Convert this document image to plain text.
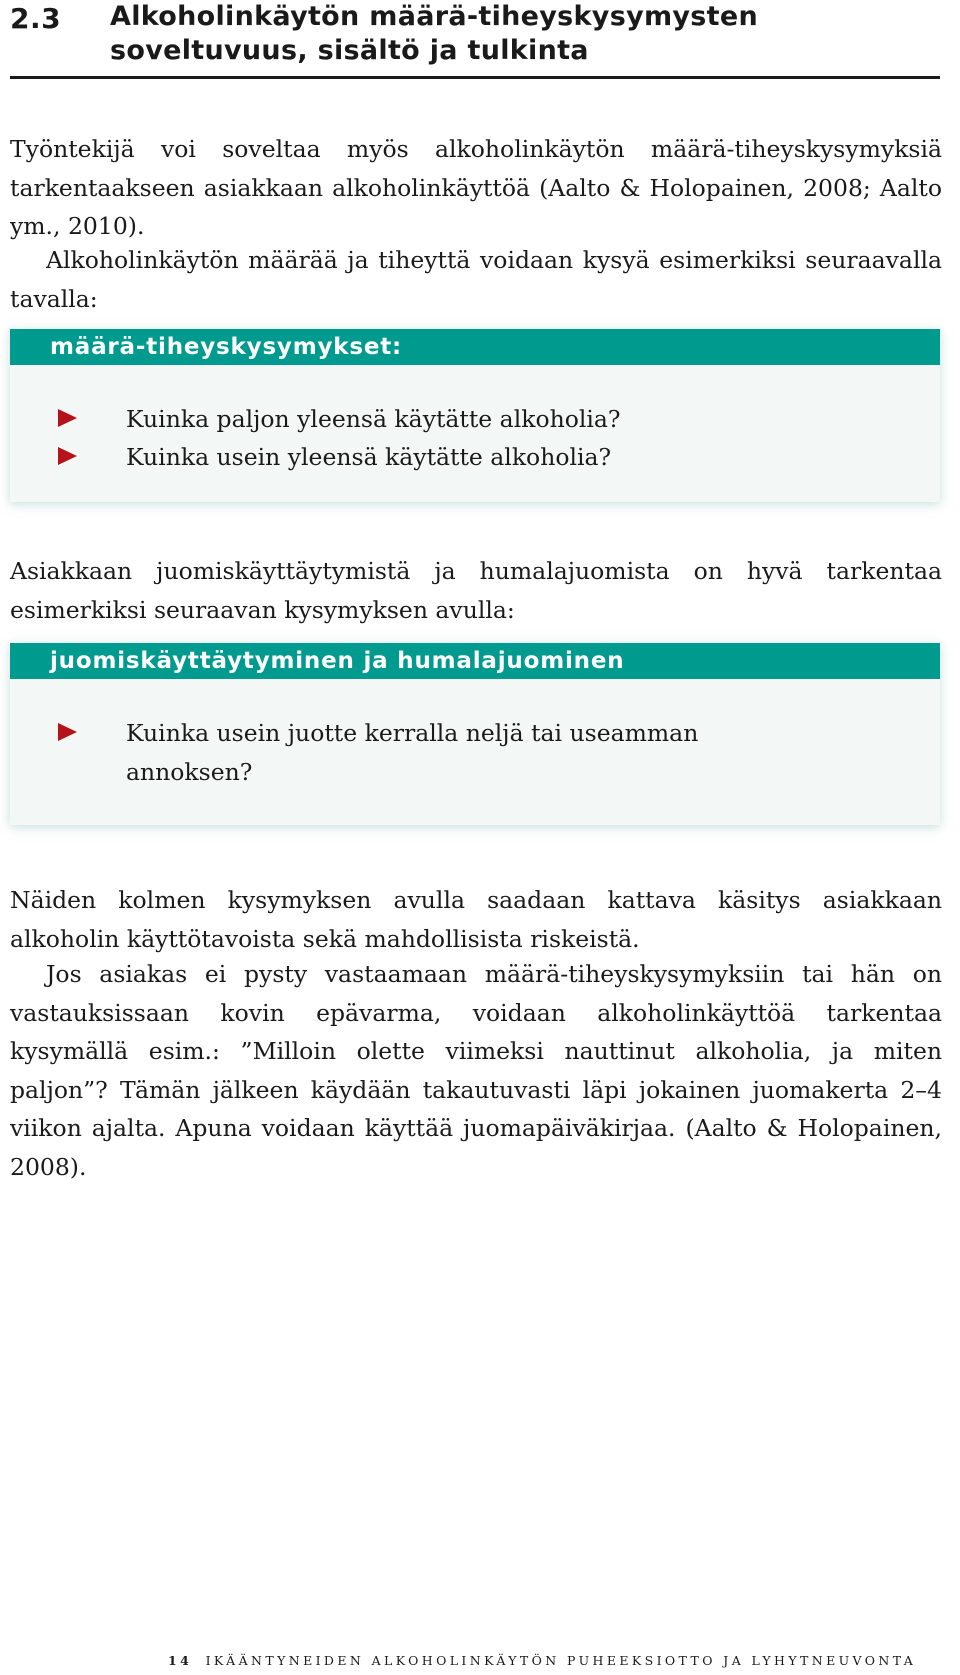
2.3 Alkoholinkäytön määrä-tiheyskysymysten
soveltuvuus, sisältö ja tulkinta

Työntekijä voi soveltaa myös alkoholinkäytön määrä-tiheyskysymyksiä tarkentaakseen asiakkaan alkoholinkäyttöä (Aalto & Holopainen, 2008; Aalto ym., 2010).

Alkoholinkäytön määrää ja tiheyttä voidaan kysyä esimerkiksi seuraavalla tavalla:

määrä-tiheyskysymykset:
Kuinka paljon yleensä käytätte alkoholia?
Kuinka usein yleensä käytätte alkoholia?

Asiakkaan juomiskäyttäytymistä ja humalajuomista on hyvä tarkentaa esimerkiksi seuraavan kysymyksen avulla:

juomiskäyttäytyminen ja humalajuominen
Kuinka usein juotte kerralla neljä tai useamman annoksen?

Näiden kolmen kysymyksen avulla saadaan kattava käsitys asiakkaan alkoholin käyttötavoista sekä mahdollisista riskeistä.

Jos asiakas ei pysty vastaamaan määrä-tiheyskysymyksiin tai hän on vastauksissaan kovin epävarma, voidaan alkoholinkäyttöä tarkentaa kysymällä esim.: ”Milloin olette viimeksi nauttinut alkoholia, ja miten paljon”? Tämän jälkeen käydään takautuvasti läpi jokainen juomakerta 2–4 viikon ajalta. Apuna voidaan käyttää juomapäiväkirjaa. (Aalto & Holopainen, 2008).

14 IKÄÄNTYNEIDEN ALKOHOLINKÄYTÖN PUHEEKSIOTTO JA LYHYTNEUVONTA
